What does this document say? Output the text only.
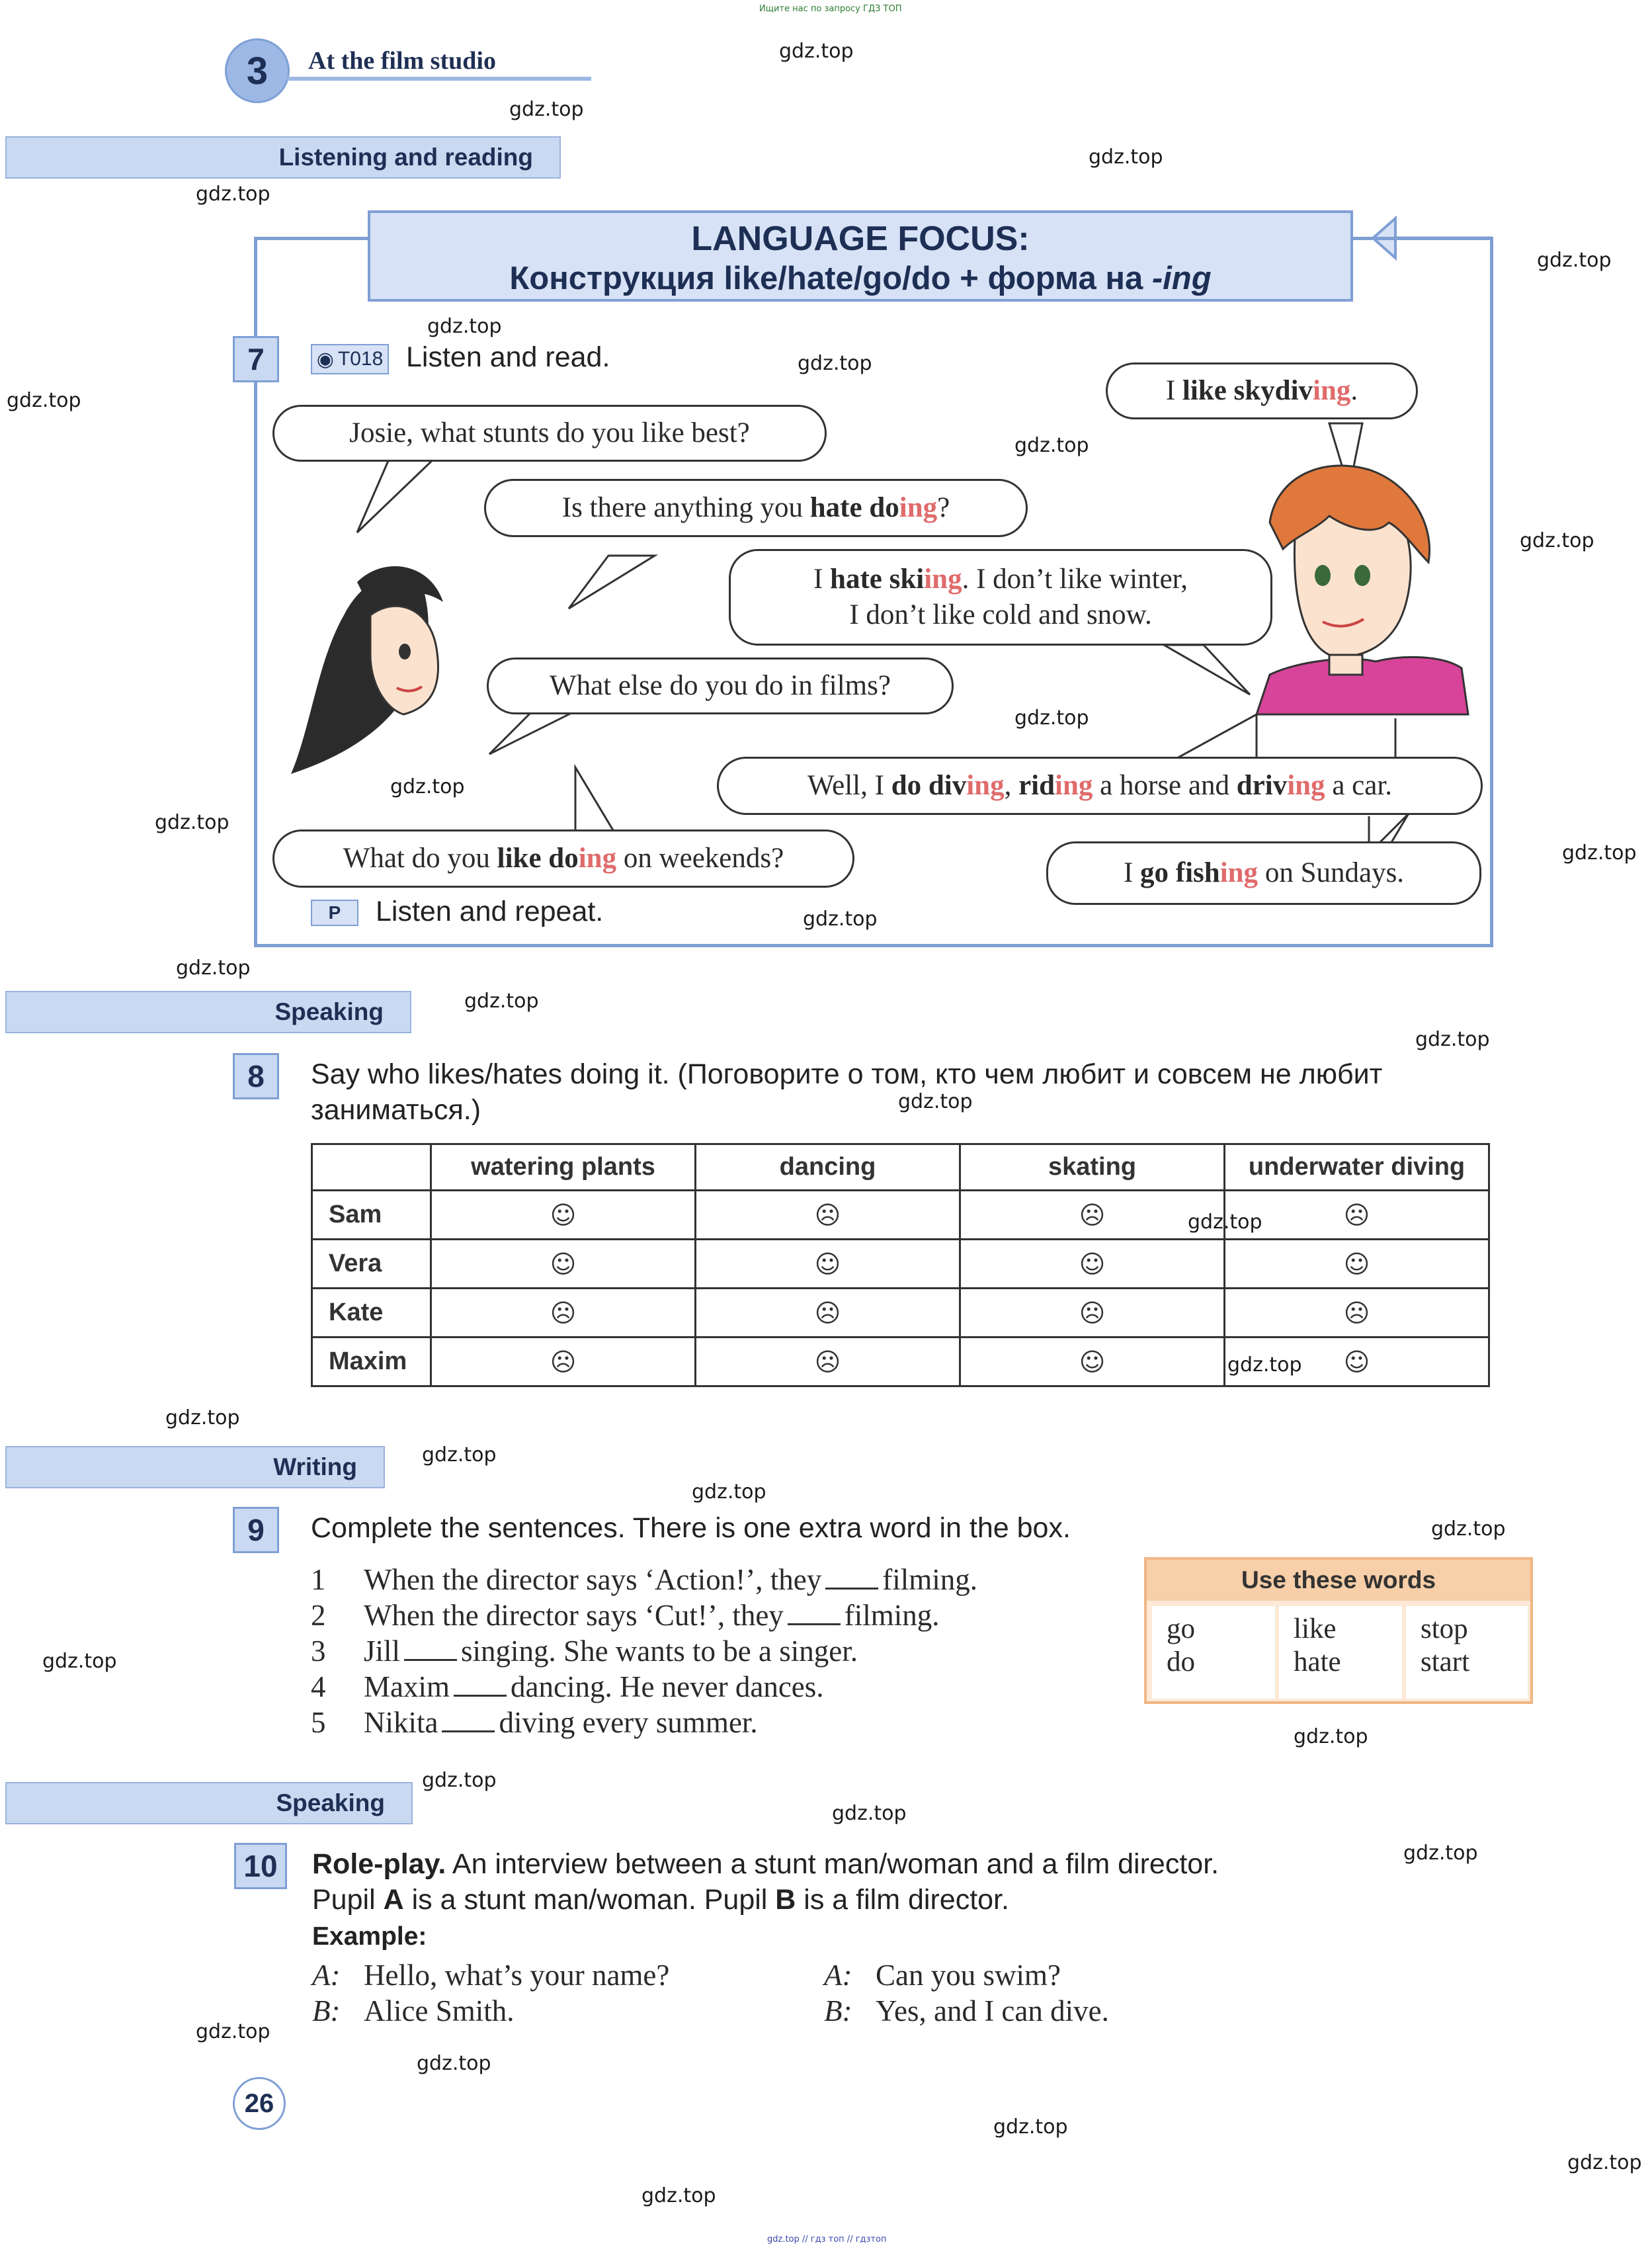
Ищите нас по запросу ГДЗ ТОП
3	At the film studio
Listening and reading
LANGUAGE FOCUS:
Конструкция like/hate/go/do + форма на -ing
7	◉ T018 Listen and read.
Josie, what stunts do you like best?
I like skydiving.
Is there anything you hate doing?
I hate skiing. I don’t like winter,
I don’t like cold and snow.
What else do you do in films?
Well, I do diving, riding a horse and driving a car.
What do you like doing on weekends?	I go fishing on Sundays.
P	Listen and repeat.
Speaking
8	Say who likes/hates doing it. (Поговорите о том, кто чем любит и совсем не любит
заниматься.)
	watering plants	dancing	skating	underwater diving
Sam	☺	☹	☹	☹
Vera	☺	☺	☺	☺
Kate	☹	☹	☹	☹
Maxim	☹	☹	☺	☺
Writing
9	Complete the sentences. There is one extra word in the box.
1 When the director says ‘Action!’, they filming.
2 When the director says ‘Cut!’, they filming.
3 Jill singing. She wants to be a singer.
4 Maxim dancing. He never dances.
5 Nikita diving every summer.
Use these words
go
do
like
hate
stop
start
Speaking
10	Role-play. An interview between a stunt man/woman and a film director.
Pupil A is a stunt man/woman. Pupil B is a film director.
Example:
A: Hello, what’s your name?
B: Alice Smith.
A: Can you swim?
B: Yes, and I can dive.
26
gdz.top
gdz.top
gdz.top
gdz.top
gdz.top
gdz.top
gdz.top
gdz.top
gdz.top
gdz.top
gdz.top
gdz.top
gdz.top
gdz.top
gdz.top
gdz.top
gdz.top
gdz.top
gdz.top
gdz.top
gdz.top
gdz.top
gdz.top
gdz.top
gdz.top
gdz.top
gdz.top
gdz.top
gdz.top
gdz.top
gdz.top
gdz.top
gdz.top
gdz.top
gdz.top
gdz.top // гдз топ // гдзтоп
